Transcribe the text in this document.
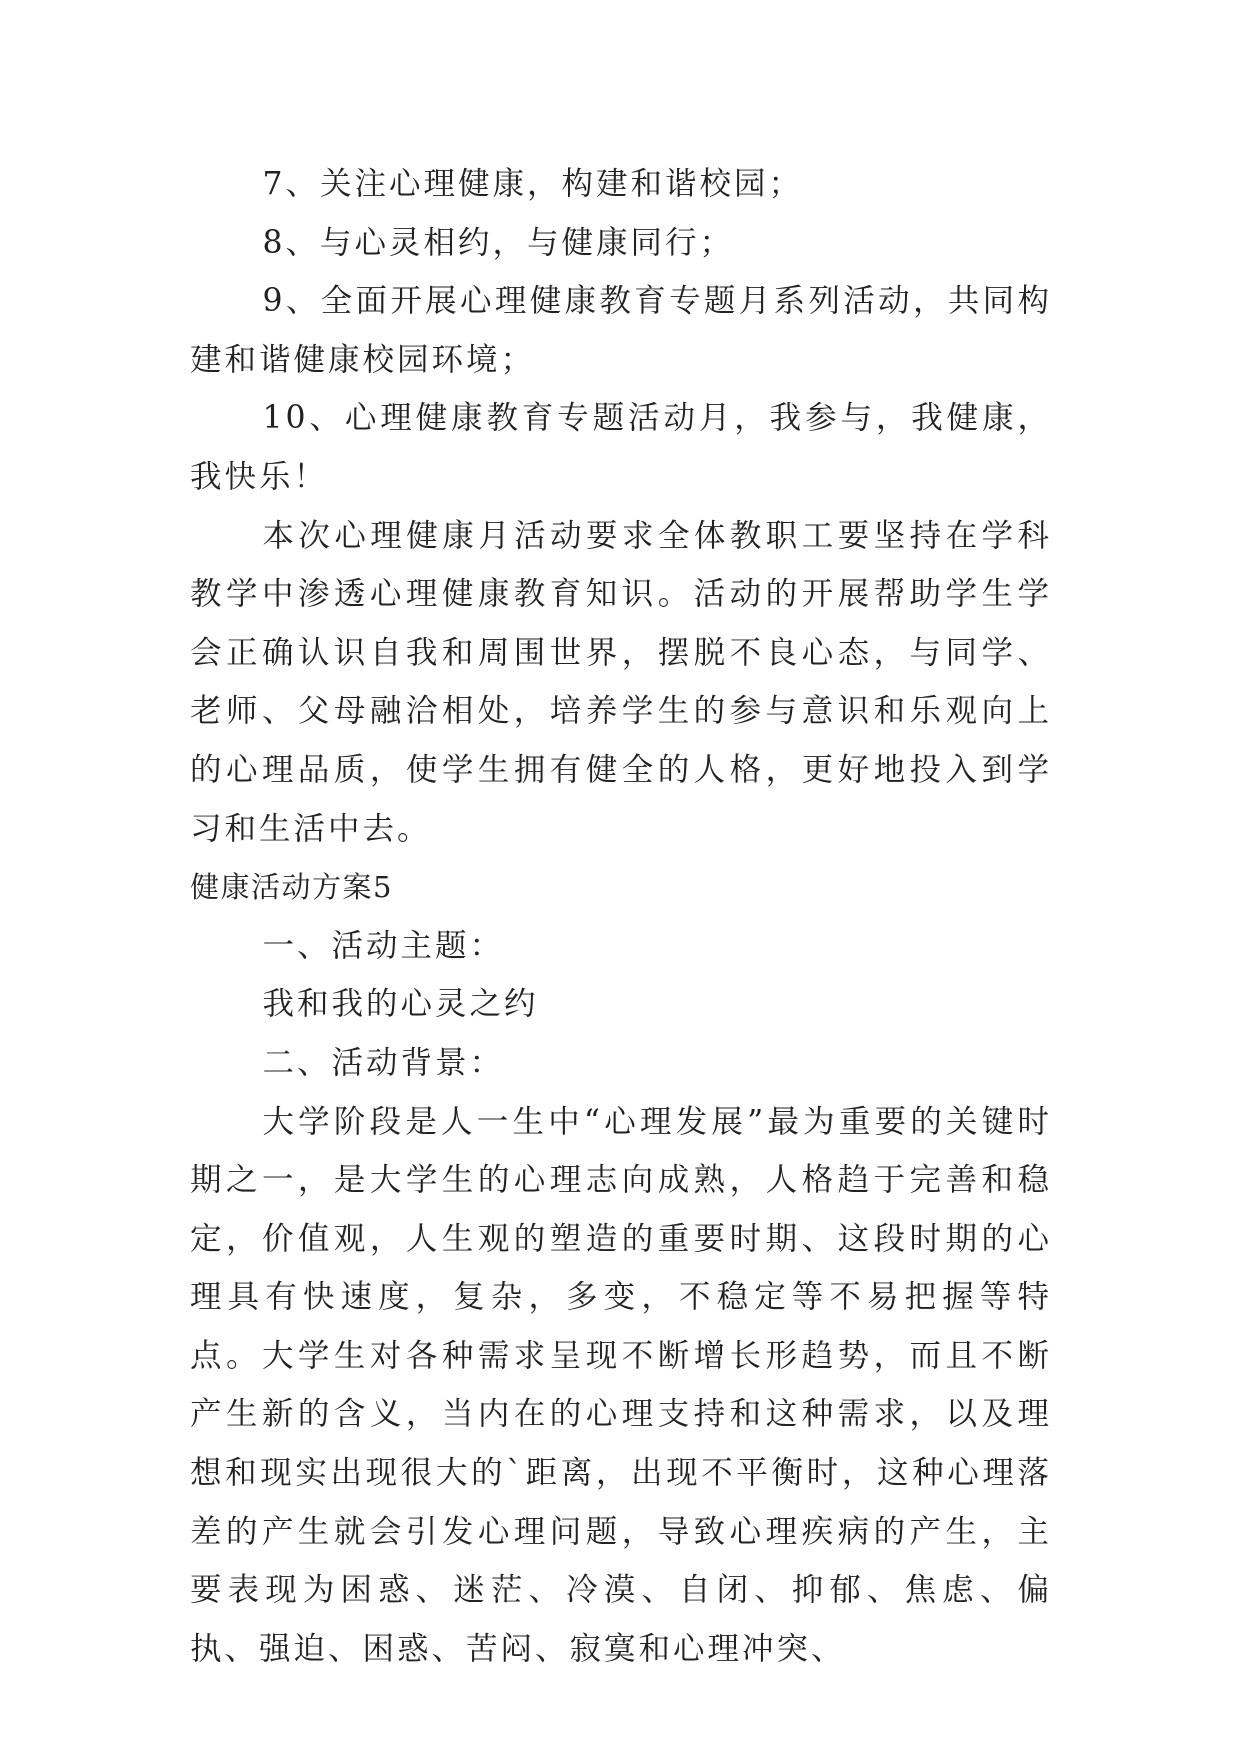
7、关注心理健康，构建和谐校园；

8、与心灵相约，与健康同行；

9、全面开展心理健康教育专题月系列活动，共同构建和谐健康校园环境；

10、心理健康教育专题活动月，我参与，我健康，我快乐！

本次心理健康月活动要求全体教职工要坚持在学科教学中渗透心理健康教育知识。活动的开展帮助学生学会正确认识自我和周围世界，摆脱不良心态，与同学、老师、父母融洽相处，培养学生的参与意识和乐观向上的心理品质，使学生拥有健全的人格，更好地投入到学习和生活中去。

健康活动方案5

一、活动主题：

我和我的心灵之约

二、活动背景：

大学阶段是人一生中“心理发展”最为重要的关键时期之一，是大学生的心理志向成熟，人格趋于完善和稳定，价值观，人生观的塑造的重要时期、这段时期的心理具有快速度，复杂，多变，不稳定等不易把握等特点。大学生对各种需求呈现不断增长形趋势，而且不断产生新的含义，当内在的心理支持和这种需求，以及理想和现实出现很大的`距离，出现不平衡时，这种心理落差的产生就会引发心理问题，导致心理疾病的产生，主要表现为困惑、迷茫、冷漠、自闭、抑郁、焦虑、偏执、强迫、困惑、苦闷、寂寞和心理冲突、
